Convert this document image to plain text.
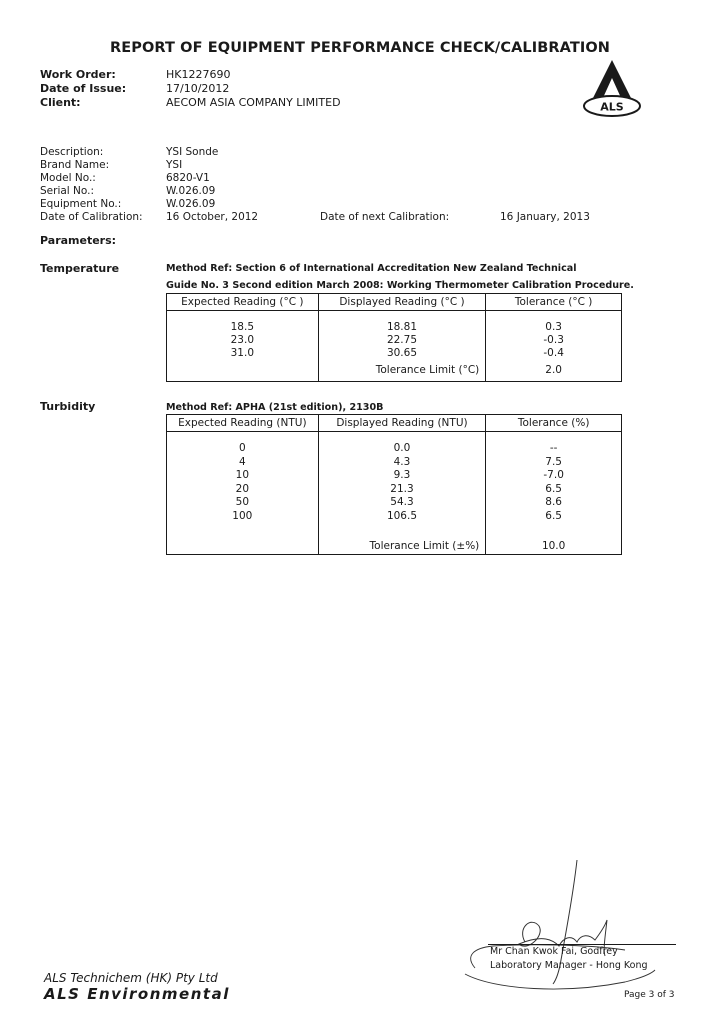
REPORT OF EQUIPMENT PERFORMANCE CHECK/CALIBRATION
Work Order:	HK1227690
Date of Issue:	17/10/2012
Client:	AECOM ASIA COMPANY LIMITED	ALS
Description:	YSI Sonde
Brand Name:	YSI
Model No.:	6820-V1
Serial No.:	W.026.09
Equipment No.:	W.026.09
Date of Calibration: 16 October, 2012	Date of next Calibration:	16 January, 2013
Parameters:
Temperature	Method Ref: Section 6 of International Accreditation New Zealand Technical
Guide No. 3 Second edition March 2008: Working Thermometer Calibration Procedure.
Expected Reading (°C )	Displayed Reading (°C )	Tolerance (°C )

18.5	18.81	0.3
23.0	22.75	-0.3
31.0	30.65	-0.4
	Tolerance Limit (°C)	2.0
Turbidity	Method Ref: APHA (21st edition), 2130B
Expected Reading (NTU)	Displayed Reading (NTU)	Tolerance (%)

0	0.0	--
4	4.3	7.5
10	9.3	-7.0
20	21.3	6.5
50	54.3	8.6
100	106.5	6.5
	Tolerance Limit (±%)	10.0
Mr Chan Kwok Fai, Godfrey
Laboratory Manager - Hong Kong
ALS Technichem (HK) Pty Ltd
ALS Environmental	Page 3 of 3
